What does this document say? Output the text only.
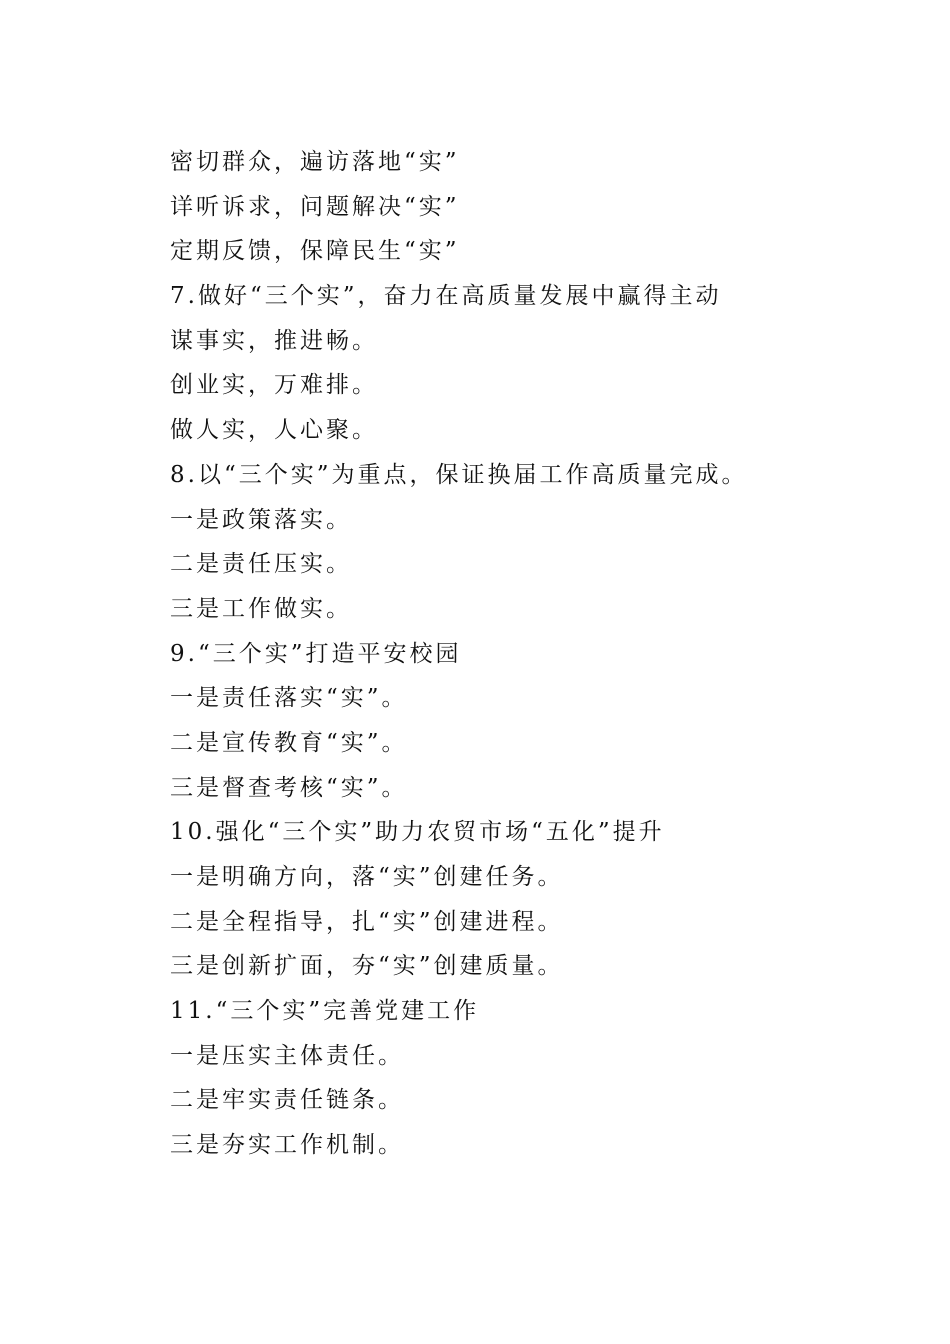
密切群众，遍访落地“实”
详听诉求，问题解决“实”
定期反馈，保障民生“实”
7.做好“三个实”，奋力在高质量发展中赢得主动
谋事实，推进畅。
创业实，万难排。
做人实，人心聚。
8.以“三个实”为重点，保证换届工作高质量完成。
一是政策落实。
二是责任压实。
三是工作做实。
9.“三个实”打造平安校园
一是责任落实“实”。
二是宣传教育“实”。
三是督查考核“实”。
10.强化“三个实”助力农贸市场“五化”提升
一是明确方向，落“实”创建任务。
二是全程指导，扎“实”创建进程。
三是创新扩面，夯“实”创建质量。
11.“三个实”完善党建工作
一是压实主体责任。
二是牢实责任链条。
三是夯实工作机制。
